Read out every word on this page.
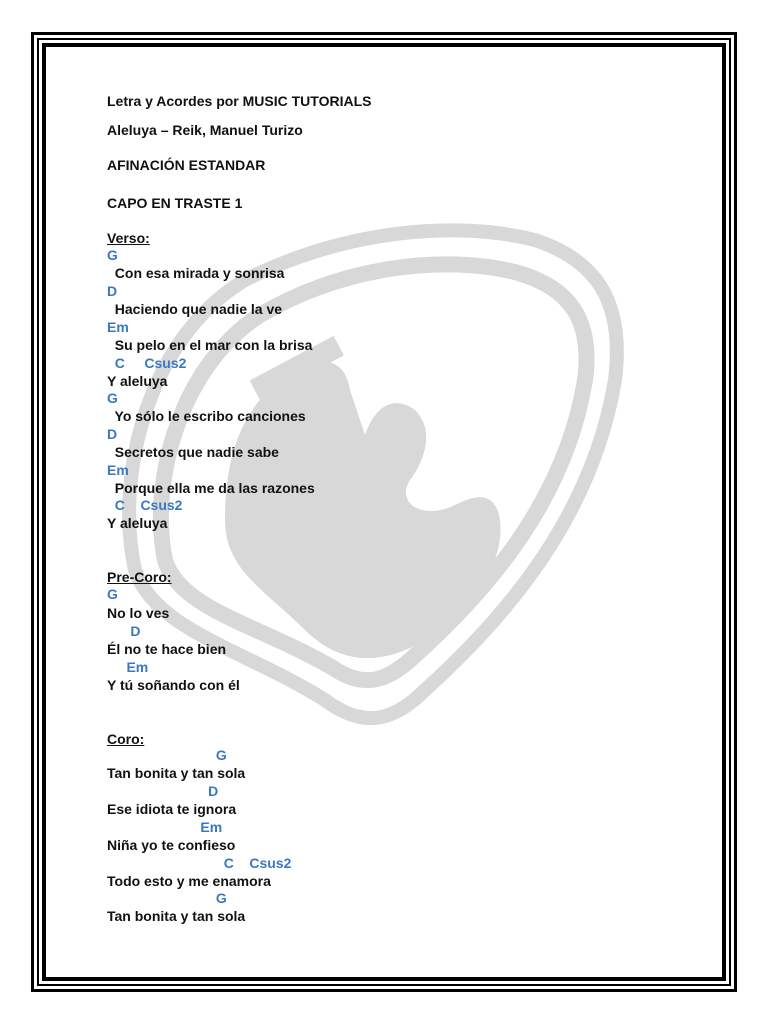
Letra y Acordes por MUSIC TUTORIALS
Aleluya – Reik, Manuel Turizo
AFINACIÓN ESTANDAR
CAPO EN TRASTE 1
Verso:
G
Con esa mirada y sonrisa
D
Haciendo que nadie la ve
Em
Su pelo en el mar con la brisa
C     Csus2
Y aleluya
G
Yo sólo le escribo canciones
D
Secretos que nadie sabe
Em
Porque ella me da las razones
C    Csus2
Y aleluya
Pre-Coro:
G
No lo ves
D
Él no te hace bien
Em
Y tú soñando con él
Coro:
G
Tan bonita y tan sola
D
Ese idiota te ignora
Em
Niña yo te confieso
C    Csus2
Todo esto y me enamora
G
Tan bonita y tan sola
